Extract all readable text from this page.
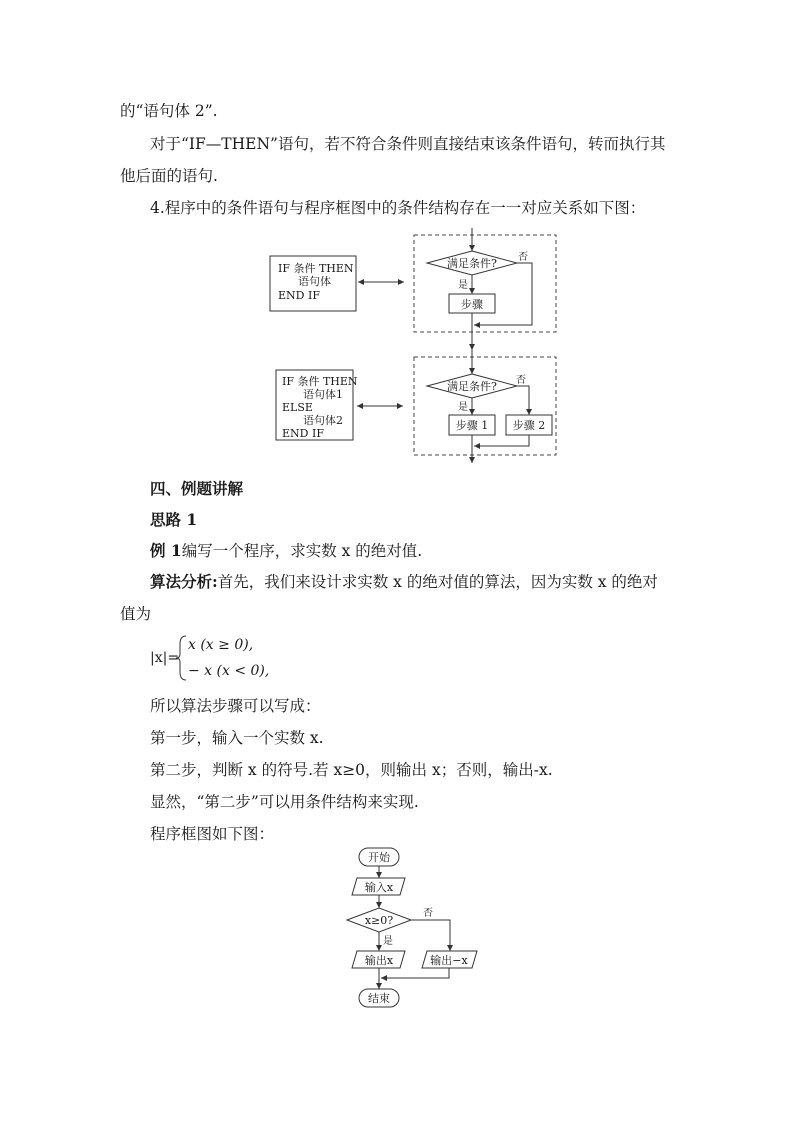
的“语句体 2”.
对于“IF—THEN”语句，若不符合条件则直接结束该条件语句，转而执行其
他后面的语句.
4.程序中的条件语句与程序框图中的条件结构存在一一对应关系如下图：
IF 条件 THEN
语句体
END IF
满足条件? 否
是
步骤
IF 条件 THEN
语句体1
ELSE
语句体2
END IF
满足条件? 否
是
步骤 1 步骤 2
四、例题讲解
思路 1
例 1编写一个程序，求实数 x 的绝对值.
算法分析:首先，我们来设计求实数 x 的绝对值的算法，因为实数 x 的绝对
值为
|x|=
x (x ≥ 0),
− x (x < 0),
所以算法步骤可以写成：
第一步，输入一个实数 x.
第二步，判断 x 的符号.若 x≥0，则输出 x；否则，输出-x.
显然，“第二步”可以用条件结构来实现.
程序框图如下图：
开始
输入x
x≥0?
否
是
输出x	输出−x
结束
